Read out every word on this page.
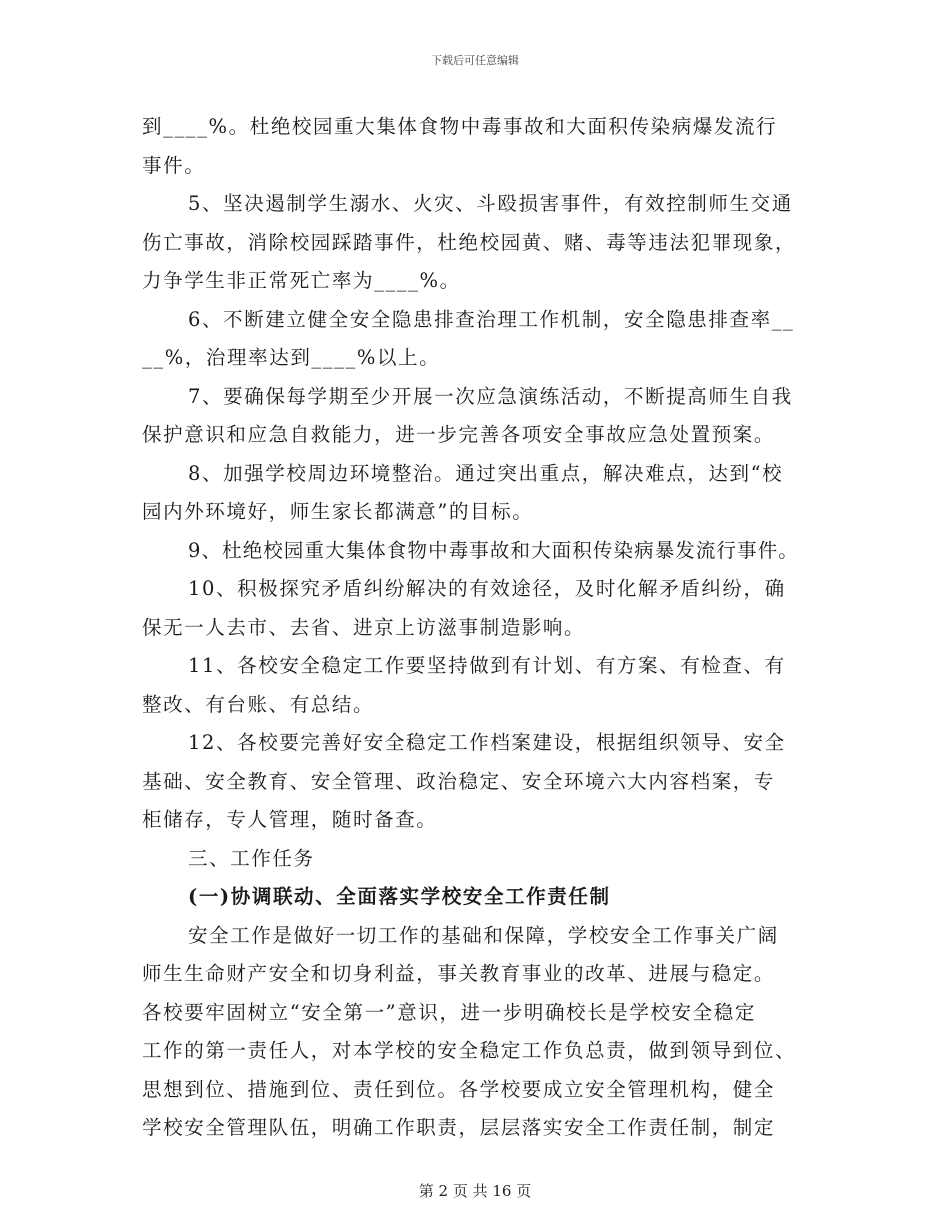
下载后可任意编辑
到____%。杜绝校园重大集体食物中毒事故和大面积传染病爆发流行
事件。
5、坚决遏制学生溺水、火灾、斗殴损害事件，有效控制师生交通
伤亡事故，消除校园踩踏事件，杜绝校园黄、赌、毒等违法犯罪现象，
力争学生非正常死亡率为____%。
6、不断建立健全安全隐患排查治理工作机制，安全隐患排查率__
__%，治理率达到____%以上。
7、要确保每学期至少开展一次应急演练活动，不断提高师生自我
保护意识和应急自救能力，进一步完善各项安全事故应急处置预案。
8、加强学校周边环境整治。通过突出重点，解决难点，达到“校
园内外环境好，师生家长都满意”的目标。
9、杜绝校园重大集体食物中毒事故和大面积传染病暴发流行事件。
10、积极探究矛盾纠纷解决的有效途径，及时化解矛盾纠纷，确
保无一人去市、去省、进京上访滋事制造影响。
11、各校安全稳定工作要坚持做到有计划、有方案、有检查、有
整改、有台账、有总结。
12、各校要完善好安全稳定工作档案建设，根据组织领导、安全
基础、安全教育、安全管理、政治稳定、安全环境六大内容档案，专
柜储存，专人管理，随时备查。
三、工作任务
(一)协调联动、全面落实学校安全工作责任制
安全工作是做好一切工作的基础和保障，学校安全工作事关广阔
师生生命财产安全和切身利益，事关教育事业的改革、进展与稳定。
各校要牢固树立“安全第一”意识，进一步明确校长是学校安全稳定
工作的第一责任人，对本学校的安全稳定工作负总责，做到领导到位、
思想到位、措施到位、责任到位。各学校要成立安全管理机构，健全
学校安全管理队伍，明确工作职责，层层落实安全工作责任制，制定
第 2 页 共 16 页
